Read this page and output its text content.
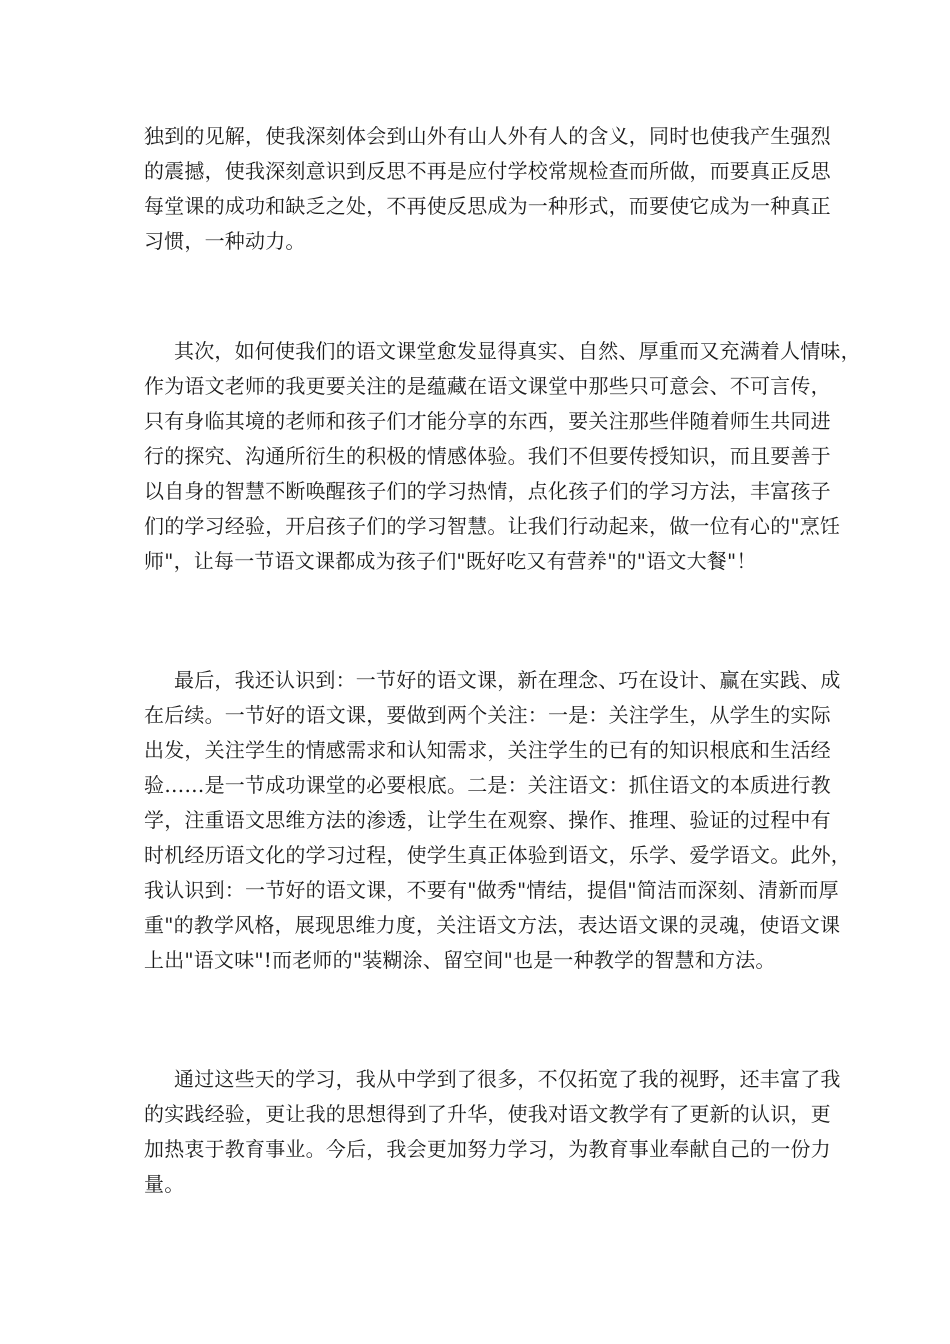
独到的见解，使我深刻体会到山外有山人外有人的含义，同时也使我产生强烈
的震撼，使我深刻意识到反思不再是应付学校常规检查而所做，而要真正反思
每堂课的成功和缺乏之处，不再使反思成为一种形式，而要使它成为一种真正
习惯，一种动力。
其次，如何使我们的语文课堂愈发显得真实、自然、厚重而又充满着人情味，
作为语文老师的我更要关注的是蕴藏在语文课堂中那些只可意会、不可言传，
只有身临其境的老师和孩子们才能分享的东西，要关注那些伴随着师生共同进
行的探究、沟通所衍生的积极的情感体验。我们不但要传授知识，而且要善于
以自身的智慧不断唤醒孩子们的学习热情，点化孩子们的学习方法，丰富孩子
们的学习经验，开启孩子们的学习智慧。让我们行动起来，做一位有心的"烹饪
师"，让每一节语文课都成为孩子们"既好吃又有营养"的"语文大餐"！
最后，我还认识到：一节好的语文课，新在理念、巧在设计、赢在实践、成
在后续。一节好的语文课，要做到两个关注：一是：关注学生，从学生的实际
出发，关注学生的情感需求和认知需求，关注学生的已有的知识根底和生活经
验……是一节成功课堂的必要根底。二是：关注语文：抓住语文的本质进行教
学，注重语文思维方法的渗透，让学生在观察、操作、推理、验证的过程中有
时机经历语文化的学习过程，使学生真正体验到语文，乐学、爱学语文。此外，
我认识到：一节好的语文课，不要有"做秀"情结，提倡"简洁而深刻、清新而厚
重"的教学风格，展现思维力度，关注语文方法，表达语文课的灵魂，使语文课
上出"语文味"!而老师的"装糊涂、留空间"也是一种教学的智慧和方法。
通过这些天的学习，我从中学到了很多，不仅拓宽了我的视野，还丰富了我
的实践经验，更让我的思想得到了升华，使我对语文教学有了更新的认识，更
加热衷于教育事业。今后，我会更加努力学习，为教育事业奉献自己的一份力
量。
